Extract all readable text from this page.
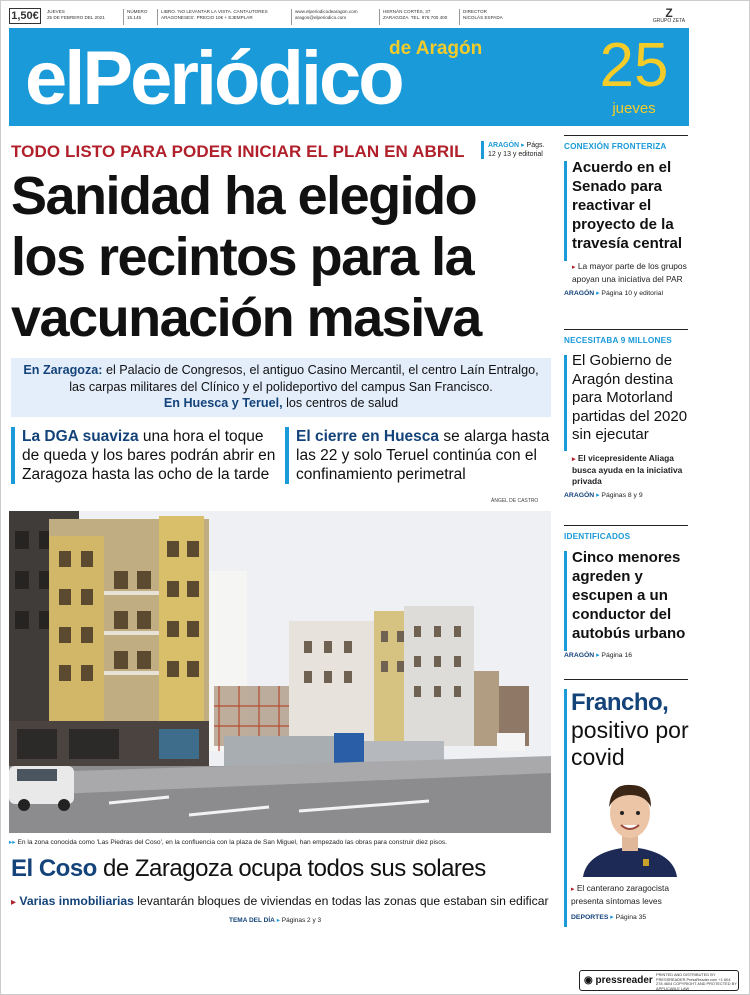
1,50€	JUEVES
25 DE FEBRERO DEL 2021
NÚMERO
15.145
LIBRO. 'NO LEVANTAR LA VISTA. CANTAUTORES
ARAGONESES'. PRECIO 10€ + EJEMPLAR
www.elperiodicodearagon.com
aragon@elperiodico.com
HERNÁN CORTÉS, 37
ZARAGOZA. TEL. 976 700 400
DIRECTOR
NICOLÁS ESPADA	Z
GRUPO ZETA
elPeriódico
de Aragón 25
jueves
TODO LISTO PARA PODER INICIAR EL PLAN EN ABRIL	ARAGÓN ▸ Págs. 12 y 13 y editorial
Sanidad ha elegido los recintos para la vacunación masiva
En Zaragoza: el Palacio de Congresos, el antiguo Casino Mercantil, el centro Laín Entralgo, las carpas militares del Clínico y el polideportivo del campus San Francisco.
En Huesca y Teruel, los centros de salud
La DGA suaviza una hora el toque de queda y los bares podrán abrir en Zaragoza hasta las ocho de la tarde
El cierre en Huesca se alarga hasta las 22 y solo Teruel continúa con el confinamiento perimetral
ÁNGEL DE CASTRO
▸▸ En la zona conocida como 'Las Piedras del Coso', en la confluencia con la plaza de San Miguel, han empezado las obras para construir diez pisos.
El Coso de Zaragoza ocupa todos sus solares
▸ Varias inmobiliarias levantarán bloques de viviendas en todas las zonas que estaban sin edificar
TEMA DEL DÍA ▸ Páginas 2 y 3
CONEXIÓN FRONTERIZA
Acuerdo en el Senado para reactivar el proyecto de la travesía central
▸ La mayor parte de los grupos apoyan una iniciativa del PAR
ARAGÓN ▸ Página 10 y editorial
NECESITABA 9 MILLONES
El Gobierno de Aragón destina para Motorland partidas del 2020 sin ejecutar
▸ El vicepresidente Aliaga busca ayuda en la iniciativa privada
ARAGÓN ▸ Páginas 8 y 9
IDENTIFICADOS
Cinco menores agreden y escupen a un conductor del autobús urbano
ARAGÓN ▸ Página 16
Francho,
positivo por covid
▸ El canterano zaragocista presenta síntomas leves
DEPORTES ▸ Página 35
◉ pressreader
PRINTED AND DISTRIBUTED BY PRESSREADER PressReader.com +1 604 278 4604 COPYRIGHT AND PROTECTED BY APPLICABLE LAW
